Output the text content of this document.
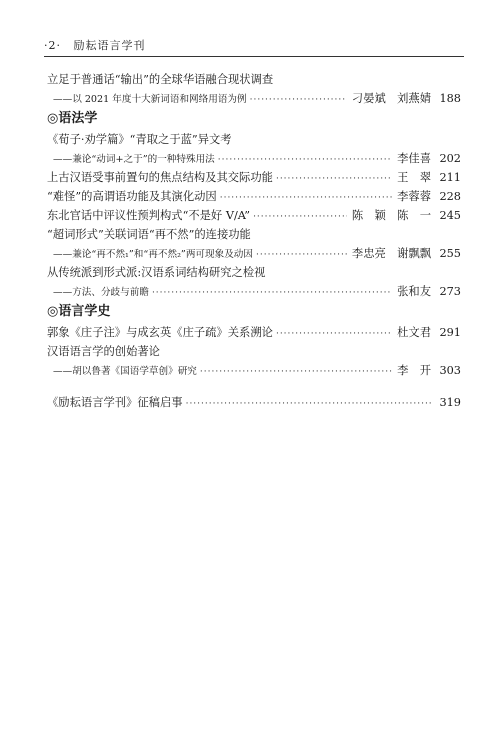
·2· 励耘语言学刊
立足于普通话“输出”的全球华语融合现状调查
——以 2021 年度十大新词语和网络用语为例 ·····	刁晏斌　刘燕婧 188
◎语法学
《荀子·劝学篇》“青取之于蓝”异文考
——兼论“动词+之于”的一种特殊用法 ·····	李佳喜 202
上古汉语受事前置句的焦点结构及其交际功能 ·····	王　翠 211
“难怪”的高谓语功能及其演化动因 ·····	李蓉蓉 228
东北官话中评议性预判构式“不是好 V/A” ·····	陈　颖　陈　一 245
“超词形式”关联词语“再不然”的连接功能
——兼论“再不然₁”和“再不然₂”两可现象及动因 ·····	李忠亮　谢飘飘 255
从传统派到形式派:汉语系词结构研究之检视
——方法、分歧与前瞻 ·····	张和友 273
◎语言学史
郭象《庄子注》与成玄英《庄子疏》关系溯论 ·····	杜文君 291
汉语语言学的创始著论
——胡以鲁著《国语学草创》研究 ·····	李　开 303
《励耘语言学刊》征稿启事 ·····	319
